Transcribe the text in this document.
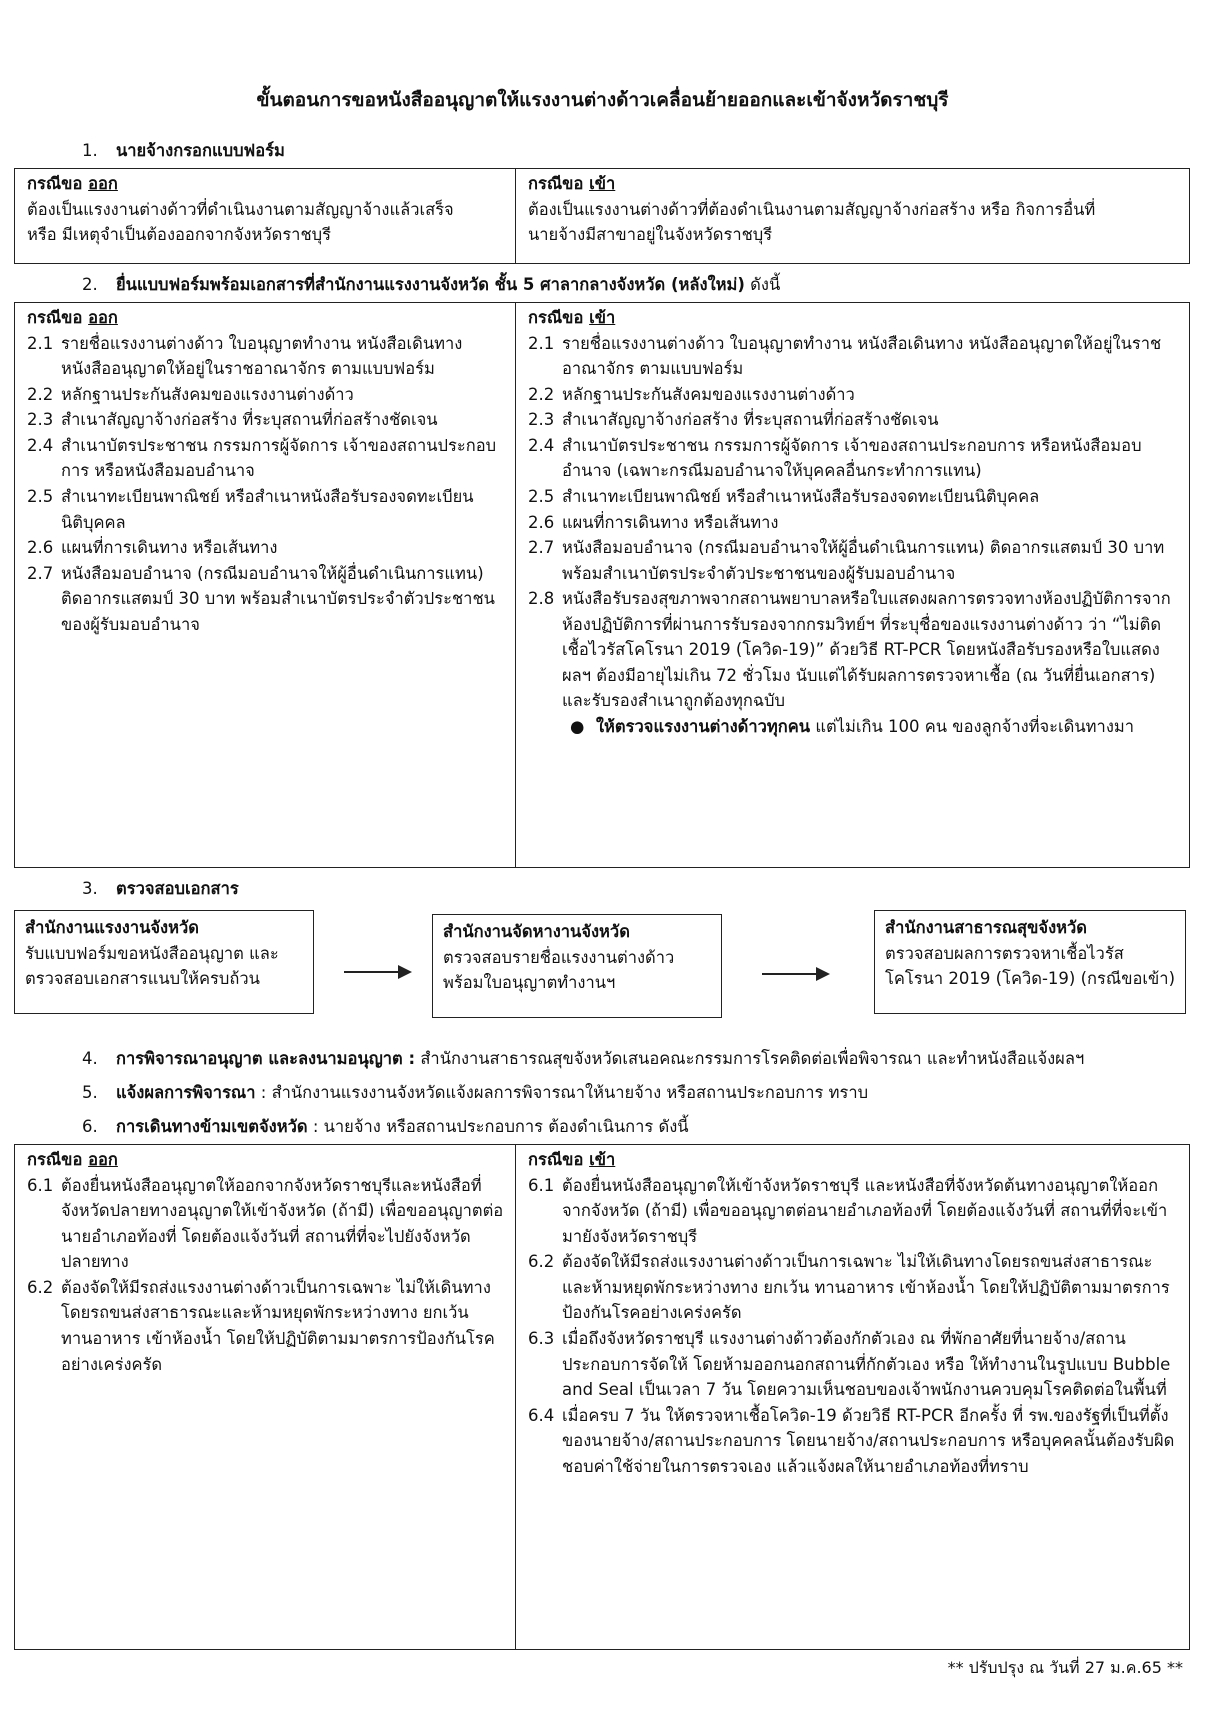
ขั้นตอนการขอหนังสืออนุญาตให้แรงงานต่างด้าวเคลื่อนย้ายออกและเข้าจังหวัดราชบุรี
1. นายจ้างกรอกแบบฟอร์ม
กรณีขอ ออก
ต้องเป็นแรงงานต่างด้าวที่ดำเนินงานตามสัญญาจ้างแล้วเสร็จ
หรือ มีเหตุจำเป็นต้องออกจากจังหวัดราชบุรี
กรณีขอ เข้า
ต้องเป็นแรงงานต่างด้าวที่ต้องดำเนินงานตามสัญญาจ้างก่อสร้าง หรือ กิจการอื่นที่
นายจ้างมีสาขาอยู่ในจังหวัดราชบุรี
2. ยื่นแบบฟอร์มพร้อมเอกสารที่สำนักงานแรงงานจังหวัด ชั้น 5 ศาลากลางจังหวัด (หลังใหม่) ดังนี้
กรณีขอ ออก
2.1 รายชื่อแรงงานต่างด้าว ใบอนุญาตทำงาน หนังสือเดินทาง หนังสืออนุญาตให้อยู่ในราชอาณาจักร ตามแบบฟอร์ม
2.2 หลักฐานประกันสังคมของแรงงานต่างด้าว
2.3 สำเนาสัญญาจ้างก่อสร้าง ที่ระบุสถานที่ก่อสร้างชัดเจน
2.4 สำเนาบัตรประชาชน กรรมการผู้จัดการ เจ้าของสถานประกอบการ หรือหนังสือมอบอำนาจ
2.5 สำเนาทะเบียนพาณิชย์ หรือสำเนาหนังสือรับรองจดทะเบียนนิติบุคคล
2.6 แผนที่การเดินทาง หรือเส้นทาง
2.7 หนังสือมอบอำนาจ (กรณีมอบอำนาจให้ผู้อื่นดำเนินการแทน) ติดอากรแสตมป์ 30 บาท พร้อมสำเนาบัตรประจำตัวประชาชนของผู้รับมอบอำนาจ
กรณีขอ เข้า
2.1 รายชื่อแรงงานต่างด้าว ใบอนุญาตทำงาน หนังสือเดินทาง หนังสืออนุญาตให้อยู่ในราชอาณาจักร ตามแบบฟอร์ม
2.2 หลักฐานประกันสังคมของแรงงานต่างด้าว
2.3 สำเนาสัญญาจ้างก่อสร้าง ที่ระบุสถานที่ก่อสร้างชัดเจน
2.4 สำเนาบัตรประชาชน กรรมการผู้จัดการ เจ้าของสถานประกอบการ หรือหนังสือมอบอำนาจ (เฉพาะกรณีมอบอำนาจให้บุคคลอื่นกระทำการแทน)
2.5 สำเนาทะเบียนพาณิชย์ หรือสำเนาหนังสือรับรองจดทะเบียนนิติบุคคล
2.6 แผนที่การเดินทาง หรือเส้นทาง
2.7 หนังสือมอบอำนาจ (กรณีมอบอำนาจให้ผู้อื่นดำเนินการแทน) ติดอากรแสตมป์ 30 บาท พร้อมสำเนาบัตรประจำตัวประชาชนของผู้รับมอบอำนาจ
2.8 หนังสือรับรองสุขภาพจากสถานพยาบาลหรือใบแสดงผลการตรวจทางห้องปฏิบัติการจากห้องปฏิบัติการที่ผ่านการรับรองจากกรมวิทย์ฯ ที่ระบุชื่อของแรงงานต่างด้าว ว่า “ไม่ติดเชื้อไวรัสโคโรนา 2019 (โควิด-19)” ด้วยวิธี RT-PCR โดยหนังสือรับรองหรือใบแสดงผลฯ ต้องมีอายุไม่เกิน 72 ชั่วโมง นับแต่ได้รับผลการตรวจหาเชื้อ (ณ วันที่ยื่นเอกสาร) และรับรองสำเนาถูกต้องทุกฉบับ
● ให้ตรวจแรงงานต่างด้าวทุกคน แต่ไม่เกิน 100 คน ของลูกจ้างที่จะเดินทางมา
3. ตรวจสอบเอกสาร
สำนักงานแรงงานจังหวัด
รับแบบฟอร์มขอหนังสืออนุญาต และ
ตรวจสอบเอกสารแนบให้ครบถ้วน
สำนักงานจัดหางานจังหวัด
ตรวจสอบรายชื่อแรงงานต่างด้าว
พร้อมใบอนุญาตทำงานฯ
สำนักงานสาธารณสุขจังหวัด
ตรวจสอบผลการตรวจหาเชื้อไวรัส
โคโรนา 2019 (โควิด-19) (กรณีขอเข้า)
4. การพิจารณาอนุญาต และลงนามอนุญาต : สำนักงานสาธารณสุขจังหวัดเสนอคณะกรรมการโรคติดต่อเพื่อพิจารณา และทำหนังสือแจ้งผลฯ
5. แจ้งผลการพิจารณา : สำนักงานแรงงานจังหวัดแจ้งผลการพิจารณาให้นายจ้าง หรือสถานประกอบการ ทราบ
6. การเดินทางข้ามเขตจังหวัด : นายจ้าง หรือสถานประกอบการ ต้องดำเนินการ ดังนี้
กรณีขอ ออก
6.1 ต้องยื่นหนังสืออนุญาตให้ออกจากจังหวัดราชบุรีและหนังสือที่จังหวัดปลายทางอนุญาตให้เข้าจังหวัด (ถ้ามี) เพื่อขออนุญาตต่อนายอำเภอท้องที่ โดยต้องแจ้งวันที่ สถานที่ที่จะไปยังจังหวัดปลายทาง
6.2 ต้องจัดให้มีรถส่งแรงงานต่างด้าวเป็นการเฉพาะ ไม่ให้เดินทางโดยรถขนส่งสาธารณะและห้ามหยุดพักระหว่างทาง ยกเว้น ทานอาหาร เข้าห้องน้ำ โดยให้ปฏิบัติตามมาตรการป้องกันโรคอย่างเคร่งครัด
กรณีขอ เข้า
6.1 ต้องยื่นหนังสืออนุญาตให้เข้าจังหวัดราชบุรี และหนังสือที่จังหวัดต้นทางอนุญาตให้ออกจากจังหวัด (ถ้ามี) เพื่อขออนุญาตต่อนายอำเภอท้องที่ โดยต้องแจ้งวันที่ สถานที่ที่จะเข้ามายังจังหวัดราชบุรี
6.2 ต้องจัดให้มีรถส่งแรงงานต่างด้าวเป็นการเฉพาะ ไม่ให้เดินทางโดยรถขนส่งสาธารณะ และห้ามหยุดพักระหว่างทาง ยกเว้น ทานอาหาร เข้าห้องน้ำ โดยให้ปฏิบัติตามมาตรการป้องกันโรคอย่างเคร่งครัด
6.3 เมื่อถึงจังหวัดราชบุรี แรงงานต่างด้าวต้องกักตัวเอง ณ ที่พักอาศัยที่นายจ้าง/สถานประกอบการจัดให้ โดยห้ามออกนอกสถานที่กักตัวเอง หรือ ให้ทำงานในรูปแบบ Bubble and Seal เป็นเวลา 7 วัน โดยความเห็นชอบของเจ้าพนักงานควบคุมโรคติดต่อในพื้นที่
6.4 เมื่อครบ 7 วัน ให้ตรวจหาเชื้อโควิด-19 ด้วยวิธี RT-PCR อีกครั้ง ที่ รพ.ของรัฐที่เป็นที่ตั้งของนายจ้าง/สถานประกอบการ โดยนายจ้าง/สถานประกอบการ หรือบุคคลนั้นต้องรับผิดชอบค่าใช้จ่ายในการตรวจเอง แล้วแจ้งผลให้นายอำเภอท้องที่ทราบ
** ปรับปรุง ณ วันที่ 27 ม.ค.65 **
